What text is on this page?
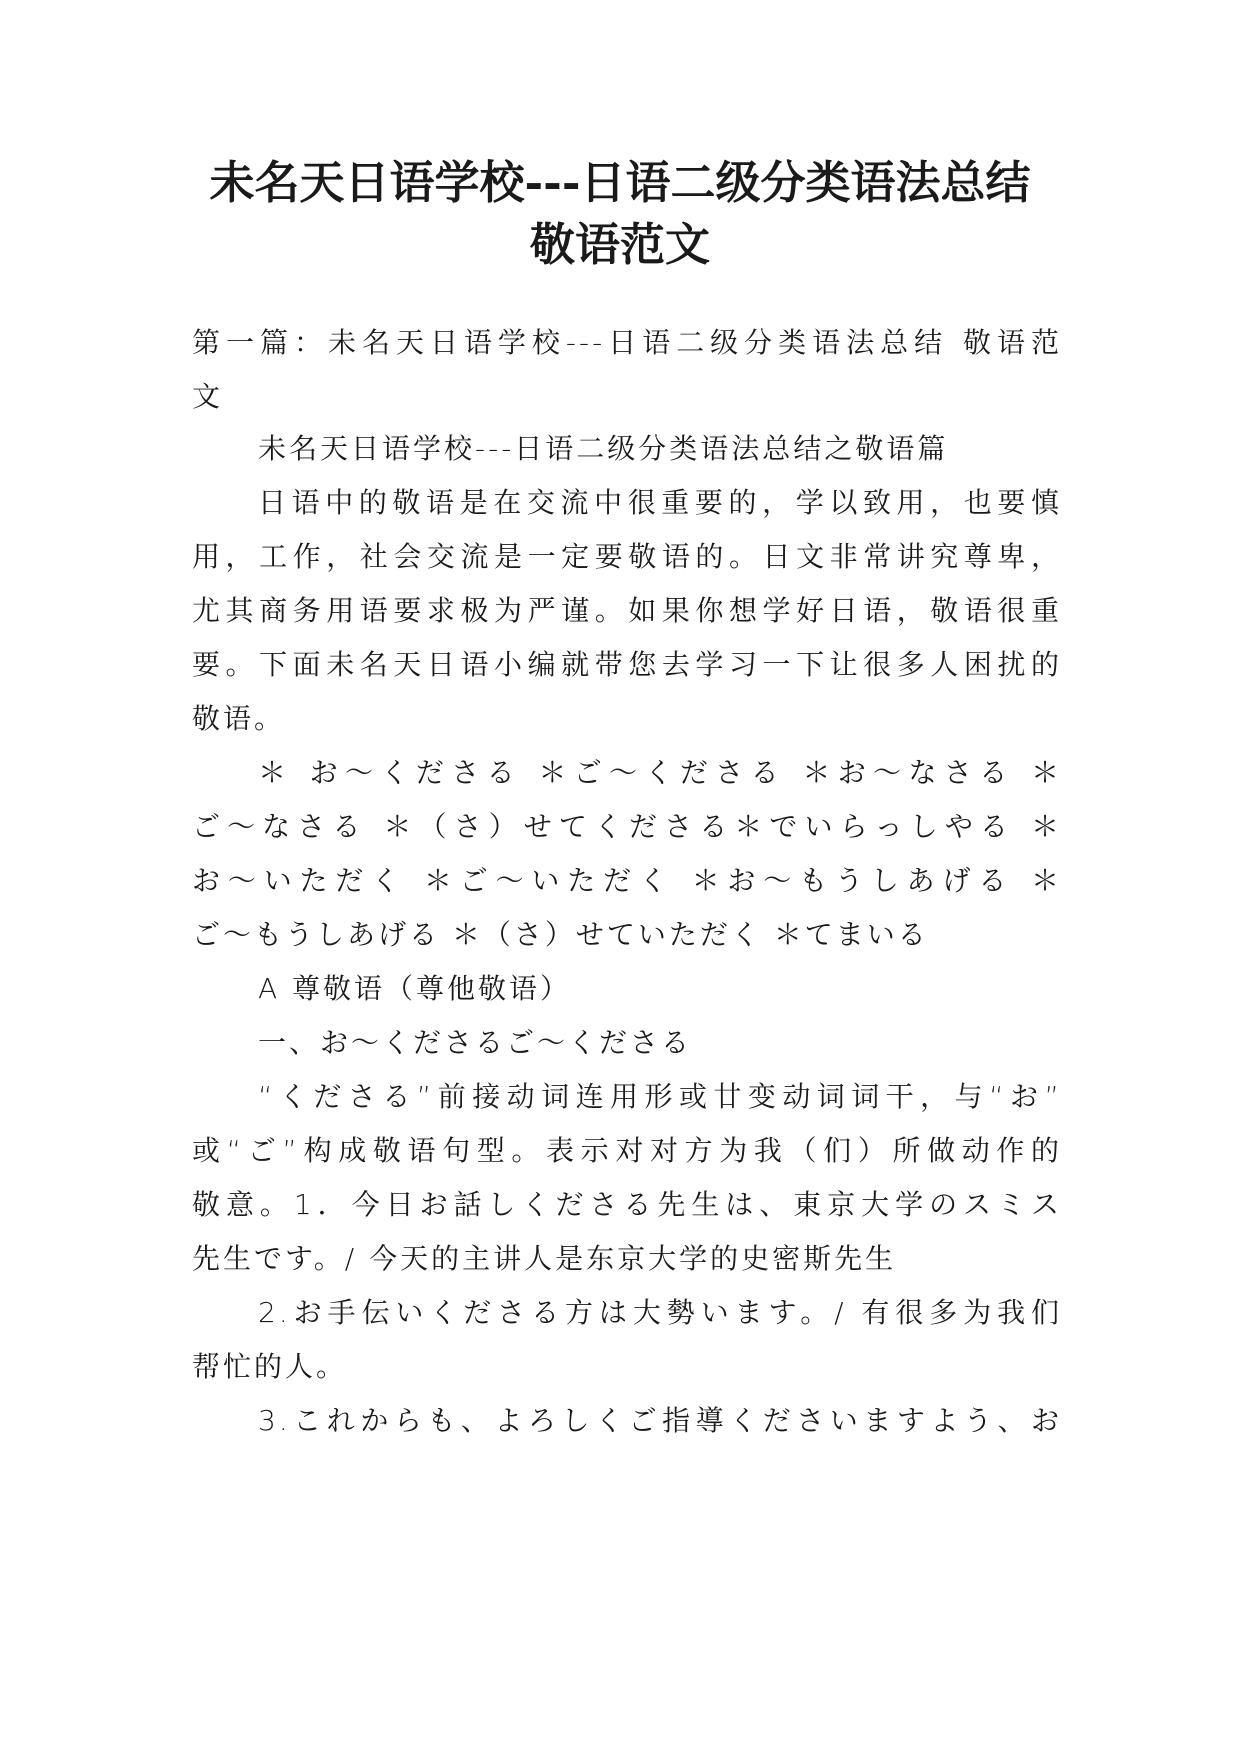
未名天日语学校---日语二级分类语法总结
敬语范文

第一篇：未名天日语学校---日语二级分类语法总结 敬语范

文

未名天日语学校---日语二级分类语法总结之敬语篇

日语中的敬语是在交流中很重要的，学以致用，也要慎

用，工作，社会交流是一定要敬语的。日文非常讲究尊卑，

尤其商务用语要求极为严谨。如果你想学好日语，敬语很重

要。下面未名天日语小编就带您去学习一下让很多人困扰的

敬语。

＊ お～くださる ＊ご～くださる ＊お～なさる ＊

ご～なさる ＊（さ）せてくださる＊でいらっしやる ＊

お～いただく ＊ご～いただく ＊お～もうしあげる ＊

ご～もうしあげる ＊（さ）せていただく ＊てまいる

A 尊敬语（尊他敬语）

一、お～くださるご～くださる

“くださる”前接动词连用形或廿变动词词干，与“お”

或“ご”构成敬语句型。表示对对方为我（们）所做动作的

敬意。1．今日お話しくださる先生は、東京大学のスミス

先生です。/ 今天的主讲人是东京大学的史密斯先生

2.お手伝いくださる方は大勢います。/ 有很多为我们

帮忙的人。

3.これからも、よろしくご指導くださいますよう、お
